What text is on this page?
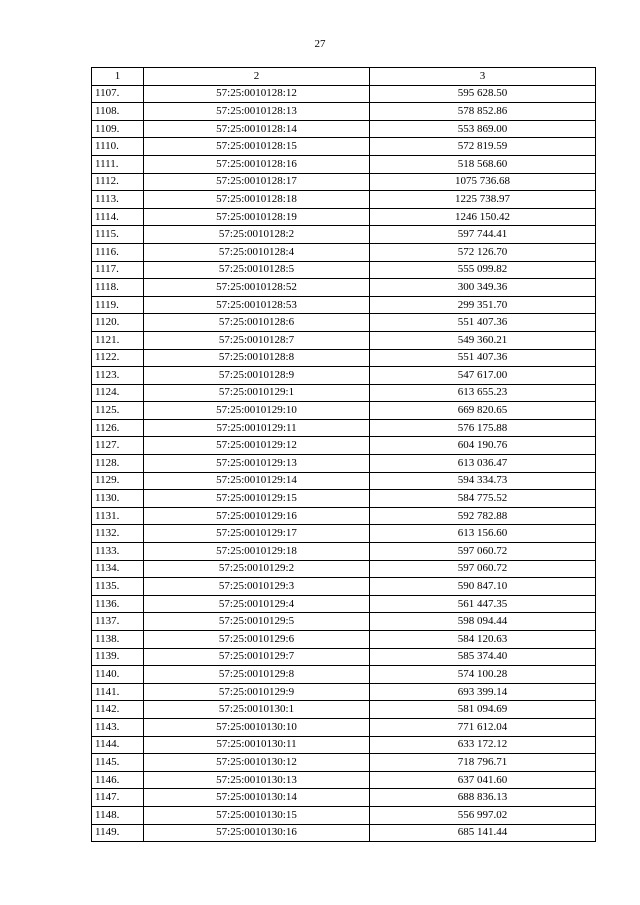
27
1	2	3
1107.	57:25:0010128:12	595 628.50
1108.	57:25:0010128:13	578 852.86
1109.	57:25:0010128:14	553 869.00
1110.	57:25:0010128:15	572 819.59
1111.	57:25:0010128:16	518 568.60
1112.	57:25:0010128:17	1075 736.68
1113.	57:25:0010128:18	1225 738.97
1114.	57:25:0010128:19	1246 150.42
1115.	57:25:0010128:2	597 744.41
1116.	57:25:0010128:4	572 126.70
1117.	57:25:0010128:5	555 099.82
1118.	57:25:0010128:52	300 349.36
1119.	57:25:0010128:53	299 351.70
1120.	57:25:0010128:6	551 407.36
1121.	57:25:0010128:7	549 360.21
1122.	57:25:0010128:8	551 407.36
1123.	57:25:0010128:9	547 617.00
1124.	57:25:0010129:1	613 655.23
1125.	57:25:0010129:10	669 820.65
1126.	57:25:0010129:11	576 175.88
1127.	57:25:0010129:12	604 190.76
1128.	57:25:0010129:13	613 036.47
1129.	57:25:0010129:14	594 334.73
1130.	57:25:0010129:15	584 775.52
1131.	57:25:0010129:16	592 782.88
1132.	57:25:0010129:17	613 156.60
1133.	57:25:0010129:18	597 060.72
1134.	57:25:0010129:2	597 060.72
1135.	57:25:0010129:3	590 847.10
1136.	57:25:0010129:4	561 447.35
1137.	57:25:0010129:5	598 094.44
1138.	57:25:0010129:6	584 120.63
1139.	57:25:0010129:7	585 374.40
1140.	57:25:0010129:8	574 100.28
1141.	57:25:0010129:9	693 399.14
1142.	57:25:0010130:1	581 094.69
1143.	57:25:0010130:10	771 612.04
1144.	57:25:0010130:11	633 172.12
1145.	57:25:0010130:12	718 796.71
1146.	57:25:0010130:13	637 041.60
1147.	57:25:0010130:14	688 836.13
1148.	57:25:0010130:15	556 997.02
1149.	57:25:0010130:16	685 141.44
